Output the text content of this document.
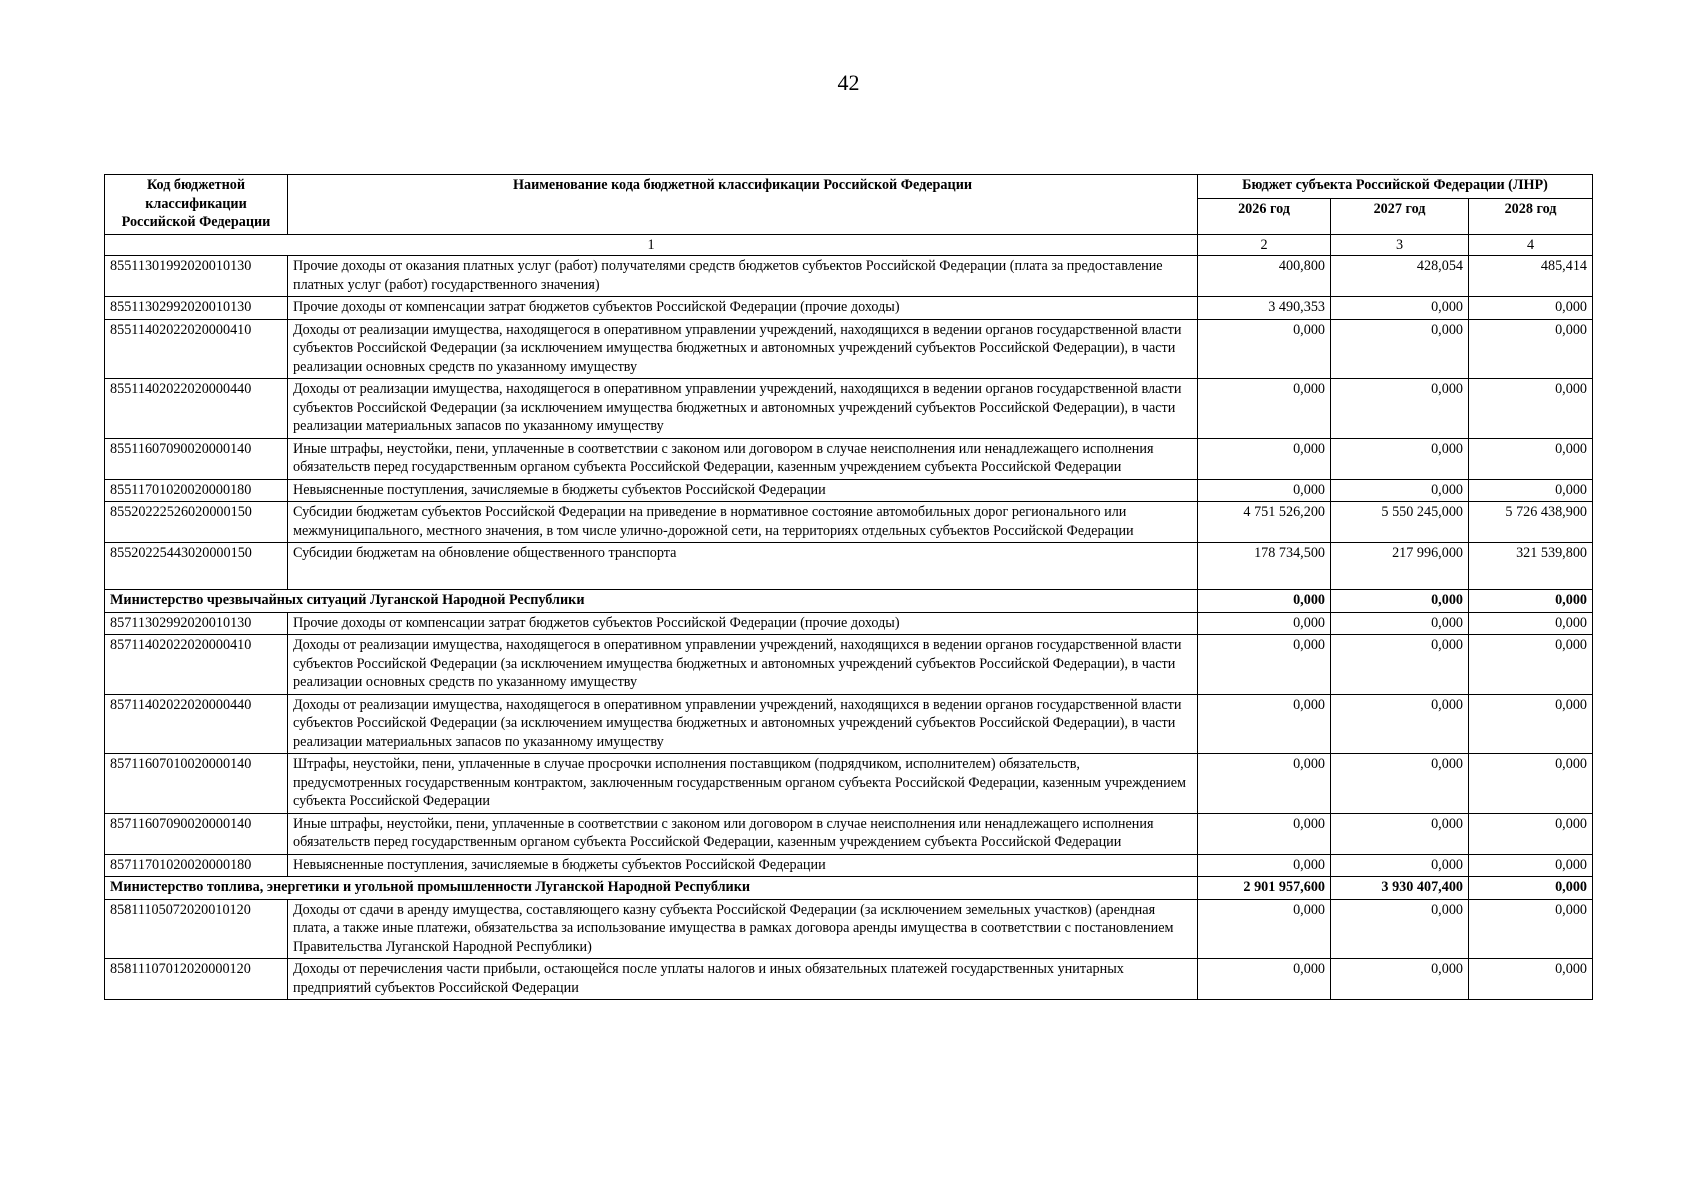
42
Код бюджетной классификации Российской Федерации	Наименование кода бюджетной классификации Российской Федерации	Бюджет субъекта Российской Федерации (ЛНР)		
		2026 год	2027 год	2028 год
1		2	3	4
85511301992020010130	Прочие доходы от оказания платных услуг (работ) получателями средств бюджетов субъектов Российской Федерации (плата за предоставление платных услуг (работ) государственного значения)	400,800	428,054	485,414
85511302992020010130	Прочие доходы от компенсации затрат бюджетов субъектов Российской Федерации (прочие доходы)	3 490,353	0,000	0,000
85511402022020000410	Доходы от реализации имущества, находящегося в оперативном управлении учреждений, находящихся в ведении органов государственной власти субъектов Российской Федерации (за исключением имущества бюджетных и автономных учреждений субъектов Российской Федерации), в части реализации основных средств по указанному имуществу	0,000	0,000	0,000
85511402022020000440	Доходы от реализации имущества, находящегося в оперативном управлении учреждений, находящихся в ведении органов государственной власти субъектов Российской Федерации (за исключением имущества бюджетных и автономных учреждений субъектов Российской Федерации), в части реализации материальных запасов по указанному имуществу	0,000	0,000	0,000
85511607090020000140	Иные штрафы, неустойки, пени, уплаченные в соответствии с законом или договором в случае неисполнения или ненадлежащего исполнения обязательств перед государственным органом субъекта Российской Федерации, казенным учреждением субъекта Российской Федерации	0,000	0,000	0,000
85511701020020000180	Невыясненные поступления, зачисляемые в бюджеты субъектов Российской Федерации	0,000	0,000	0,000
85520222526020000150	Субсидии бюджетам субъектов Российской Федерации на приведение в нормативное состояние автомобильных дорог регионального или межмуниципального, местного значения, в том числе улично-дорожной сети, на территориях отдельных субъектов Российской Федерации	4 751 526,200	5 550 245,000	5 726 438,900
85520225443020000150	Субсидии бюджетам на обновление общественного транспорта	178 734,500	217 996,000	321 539,800
Министерство чрезвычайных ситуаций Луганской Народной Республики		0,000	0,000	0,000
85711302992020010130	Прочие доходы от компенсации затрат бюджетов субъектов Российской Федерации (прочие доходы)	0,000	0,000	0,000
85711402022020000410	Доходы от реализации имущества, находящегося в оперативном управлении учреждений, находящихся в ведении органов государственной власти субъектов Российской Федерации (за исключением имущества бюджетных и автономных учреждений субъектов Российской Федерации), в части реализации основных средств по указанному имуществу	0,000	0,000	0,000
85711402022020000440	Доходы от реализации имущества, находящегося в оперативном управлении учреждений, находящихся в ведении органов государственной власти субъектов Российской Федерации (за исключением имущества бюджетных и автономных учреждений субъектов Российской Федерации), в части реализации материальных запасов по указанному имуществу	0,000	0,000	0,000
85711607010020000140	Штрафы, неустойки, пени, уплаченные в случае просрочки исполнения поставщиком (подрядчиком, исполнителем) обязательств, предусмотренных государственным контрактом, заключенным государственным органом субъекта Российской Федерации, казенным учреждением субъекта Российской Федерации	0,000	0,000	0,000
85711607090020000140	Иные штрафы, неустойки, пени, уплаченные в соответствии с законом или договором в случае неисполнения или ненадлежащего исполнения обязательств перед государственным органом субъекта Российской Федерации, казенным учреждением субъекта Российской Федерации	0,000	0,000	0,000
85711701020020000180	Невыясненные поступления, зачисляемые в бюджеты субъектов Российской Федерации	0,000	0,000	0,000
Министерство топлива, энергетики и угольной промышленности Луганской Народной Республики		2 901 957,600	3 930 407,400	0,000
85811105072020010120	Доходы от сдачи в аренду имущества, составляющего казну субъекта Российской Федерации (за исключением земельных участков) (арендная плата, а также иные платежи, обязательства за использование имущества в рамках договора аренды имущества в соответствии с постановлением Правительства Луганской Народной Республики)	0,000	0,000	0,000
85811107012020000120	Доходы от перечисления части прибыли, остающейся после уплаты налогов и иных обязательных платежей государственных унитарных предприятий субъектов Российской Федерации	0,000	0,000	0,000
